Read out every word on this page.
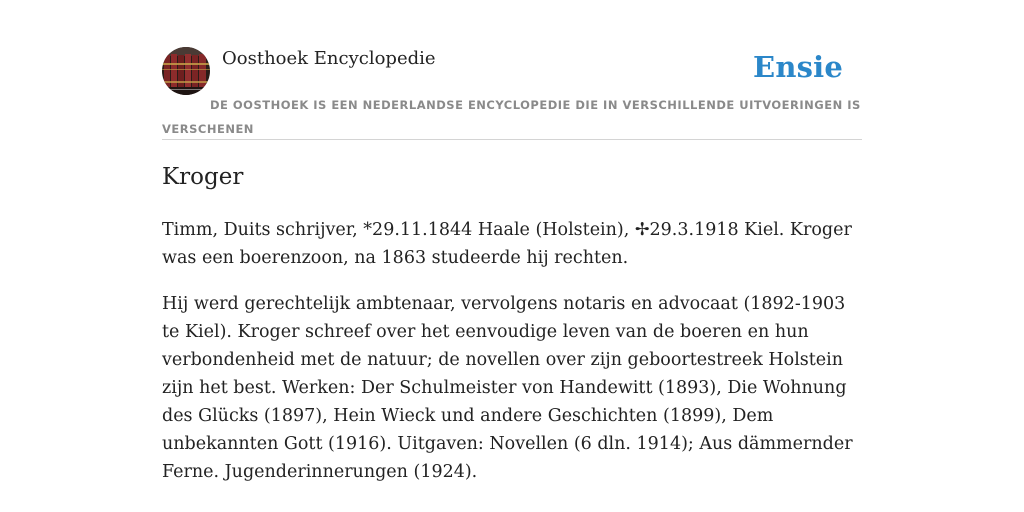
Oosthoek Encyclopedie	Ensie
DE OOSTHOEK IS EEN NEDERLANDSE ENCYCLOPEDIE DIE IN VERSCHILLENDE UITVOERINGEN IS VERSCHENEN
Kroger

Timm, Duits schrijver, *29.11.1844 Haale (Holstein), ✢29.3.1918 Kiel. Kroger was een boerenzoon, na 1863 studeerde hij rechten.

Hij werd gerechtelijk ambtenaar, vervolgens notaris en advocaat (1892-1903 te Kiel). Kroger schreef over het eenvoudige leven van de boeren en hun verbondenheid met de natuur; de novellen over zijn geboortestreek Holstein zijn het best. Werken: Der Schulmeister von Handewitt (1893), Die Wohnung des Glücks (1897), Hein Wieck und andere Geschichten (1899), Dem unbekannten Gott (1916). Uitgaven: Novellen (6 dln. 1914); Aus dämmernder Ferne. Jugenderinnerungen (1924).
